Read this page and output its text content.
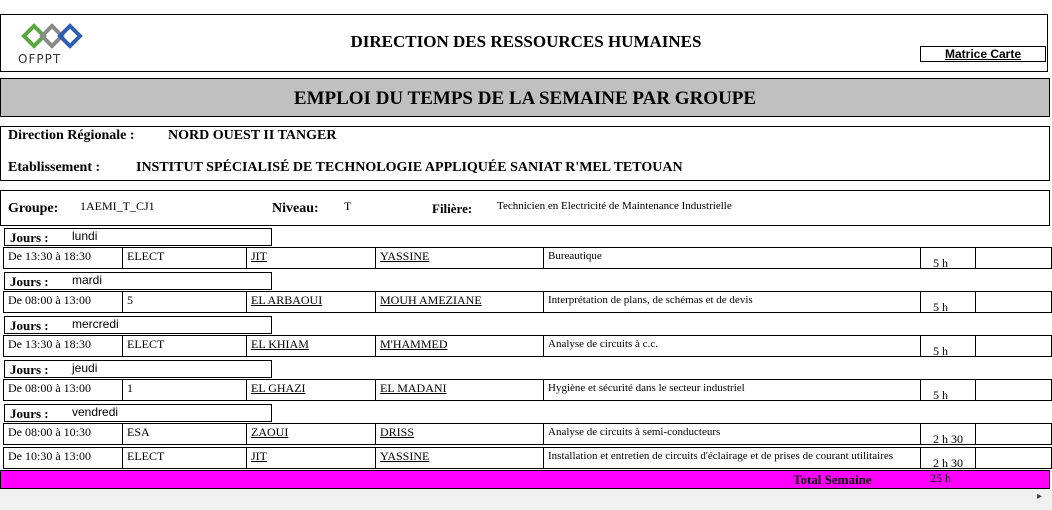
OFPPT
DIRECTION DES RESSOURCES HUMAINES
Matrice Carte
EMPLOI DU TEMPS DE LA SEMAINE PAR GROUPE
Direction Régionale : NORD OUEST II TANGER
Etablissement :	INSTITUT SPÉCIALISÉ DE TECHNOLOGIE APPLIQUÉE SANIAT R'MEL TETOUAN
Groupe: 1AEMI_T_CJ1	Niveau: T	Filière: Technicien en Electricité de Maintenance Industrielle
Jours : lundi
De 13:30 à 18:30	ELECT	JIT	YASSINE	Bureautique	5 h
Jours : mardi
De 08:00 à 13:00	5	EL ARBAOUI	MOUH AMEZIANE	Interprétation de plans, de schémas et de devis	5 h
Jours : mercredi
De 13:30 à 18:30	ELECT	EL KHIAM	M'HAMMED	Analyse de circuits à c.c.	5 h
Jours : jeudi
De 08:00 à 13:00	1	EL GHAZI	EL MADANI	Hygiène et sécurité dans le secteur industriel	5 h
Jours : vendredi
De 08:00 à 10:30	ESA	ZAOUI	DRISS	Analyse de circuits à semi-conducteurs	2 h 30
De 10:30 à 13:00	ELECT	JIT	YASSINE	Installation et entretien de circuits d'éclairage et de prises de courant utilitaires	2 h 30
Total Semaine	25 h
▸
